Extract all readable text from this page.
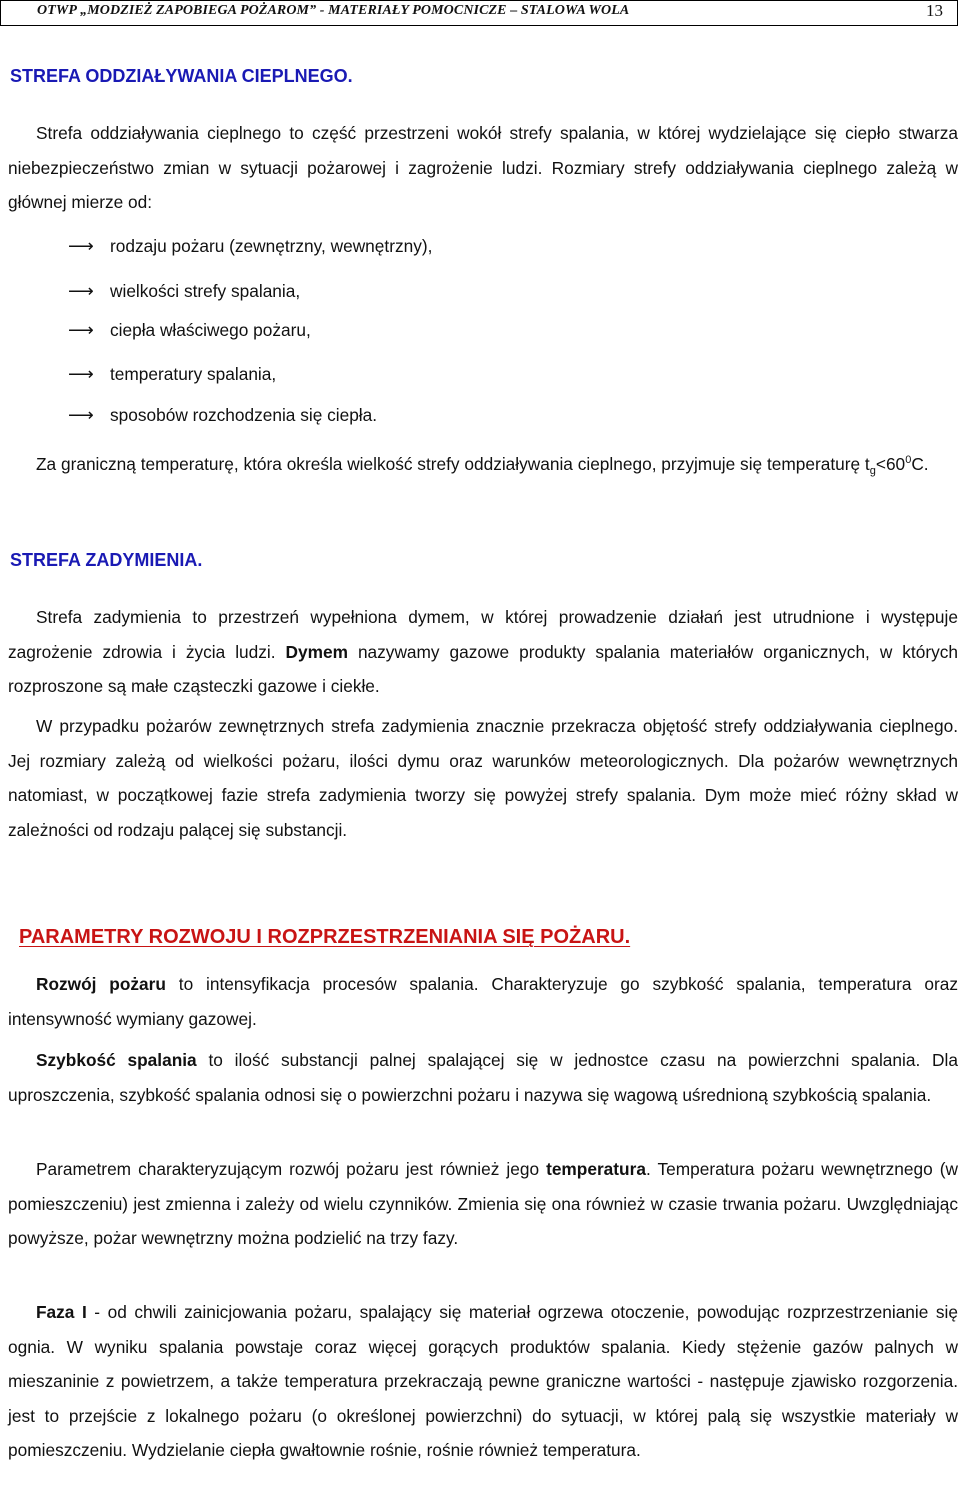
OTWP „MODZIEŻ ZAPOBIEGA POŻAROM” - MATERIAŁY POMOCNICZE – STALOWA WOLA	13
STREFA ODDZIAŁYWANIA CIEPLNEGO.

Strefa oddziaływania cieplnego to część przestrzeni wokół strefy spalania, w której wydzielające się ciepło stwarza niebezpieczeństwo zmian w sytuacji pożarowej i zagrożenie ludzi. Rozmiary strefy oddziaływania cieplnego zależą w głównej mierze od:

⟶ rodzaju pożaru (zewnętrzny, wewnętrzny),
⟶ wielkości strefy spalania,
⟶ ciepła właściwego pożaru,
⟶ temperatury spalania,
⟶ sposobów rozchodzenia się ciepła.

Za graniczną temperaturę, która określa wielkość strefy oddziaływania cieplnego, przyjmuje się temperaturę $t_g<60^0C$.

STREFA ZADYMIENIA.

Strefa zadymienia to przestrzeń wypełniona dymem, w której prowadzenie działań jest utrudnione i występuje zagrożenie zdrowia i życia ludzi. Dymem nazywamy gazowe produkty spalania materiałów organicznych, w których rozproszone są małe cząsteczki gazowe i ciekłe.

W przypadku pożarów zewnętrznych strefa zadymienia znacznie przekracza objętość strefy oddziaływania cieplnego. Jej rozmiary zależą od wielkości pożaru, ilości dymu oraz warunków meteorologicznych. Dla pożarów wewnętrznych natomiast, w początkowej fazie strefa zadymienia tworzy się powyżej strefy spalania. Dym może mieć różny skład w zależności od rodzaju palącej się substancji.

PARAMETRY ROZWOJU I ROZPRZESTRZENIANIA SIĘ POŻARU.

Rozwój pożaru to intensyfikacja procesów spalania. Charakteryzuje go szybkość spalania, temperatura oraz intensywność wymiany gazowej.

Szybkość spalania to ilość substancji palnej spalającej się w jednostce czasu na powierzchni spalania. Dla uproszczenia, szybkość spalania odnosi się o powierzchni pożaru i nazywa się wagową uśrednioną szybkością spalania.

Parametrem charakteryzującym rozwój pożaru jest również jego temperatura. Temperatura pożaru wewnętrznego (w pomieszczeniu) jest zmienna i zależy od wielu czynników. Zmienia się ona również w czasie trwania pożaru. Uwzględniając powyższe, pożar wewnętrzny można podzielić na trzy fazy.

Faza I - od chwili zainicjowania pożaru, spalający się materiał ogrzewa otoczenie, powodując rozprzestrzenianie się ognia. W wyniku spalania powstaje coraz więcej gorących produktów spalania. Kiedy stężenie gazów palnych w mieszaninie z powietrzem, a także temperatura przekraczają pewne graniczne wartości - następuje zjawisko rozgorzenia. jest to przejście z lokalnego pożaru (o określonej powierzchni) do sytuacji, w której palą się wszystkie materiały w pomieszczeniu. Wydzielanie ciepła gwałtownie rośnie, rośnie również temperatura.
